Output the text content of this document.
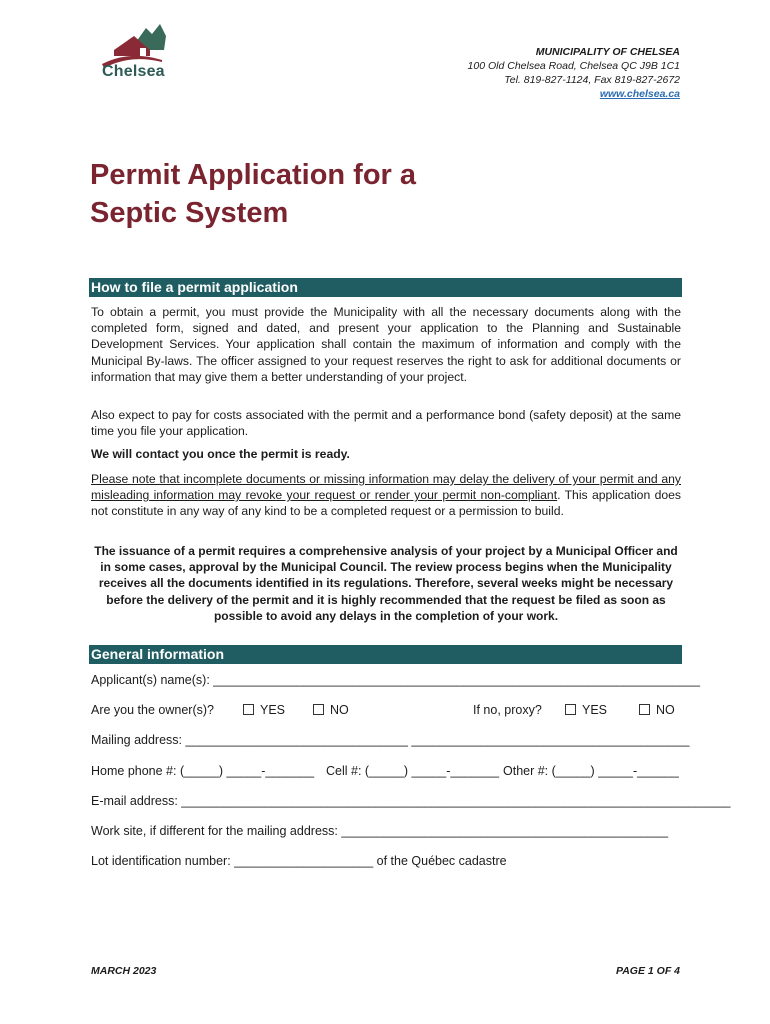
Chelsea
MUNICIPALITY OF CHELSEA
100 Old Chelsea Road, Chelsea QC J9B 1C1
Tel. 819-827-1124, Fax 819-827-2672
www.chelsea.ca
Permit Application for a
Septic System
How to file a permit application

To obtain a permit, you must provide the Municipality with all the necessary documents along with the completed form, signed and dated, and present your application to the Planning and Sustainable Development Services. Your application shall contain the maximum of information and comply with the Municipal By-laws. The officer assigned to your request reserves the right to ask for additional documents or information that may give them a better understanding of your project.

Also expect to pay for costs associated with the permit and a performance bond (safety deposit) at the same time you file your application.

We will contact you once the permit is ready.

Please note that incomplete documents or missing information may delay the delivery of your permit and any misleading information may revoke your request or render your permit non-compliant. This application does not constitute in any way of any kind to be a completed request or a permission to build.

The issuance of a permit requires a comprehensive analysis of your project by a Municipal Officer and in some cases, approval by the Municipal Council. The review process begins when the Municipality receives all the documents identified in its regulations. Therefore, several weeks might be necessary before the delivery of the permit and it is highly recommended that the request be filed as soon as possible to avoid any delays in the completion of your work.

General information
Applicant(s) name(s): ______________________________________________________________________
Are you the owner(s)?	YES	NO	If no, proxy?	YES	NO
Mailing address: ________________________________ ________________________________________
Home phone #: (_____) _____-_______ Cell #: (_____) _____-_______ Other #: (_____) _____-______
E-mail address: _______________________________________________________________________________
Work site, if different for the mailing address: _______________________________________________
Lot identification number: ____________________ of the Québec cadastre
MARCH 2023	PAGE 1 OF 4
